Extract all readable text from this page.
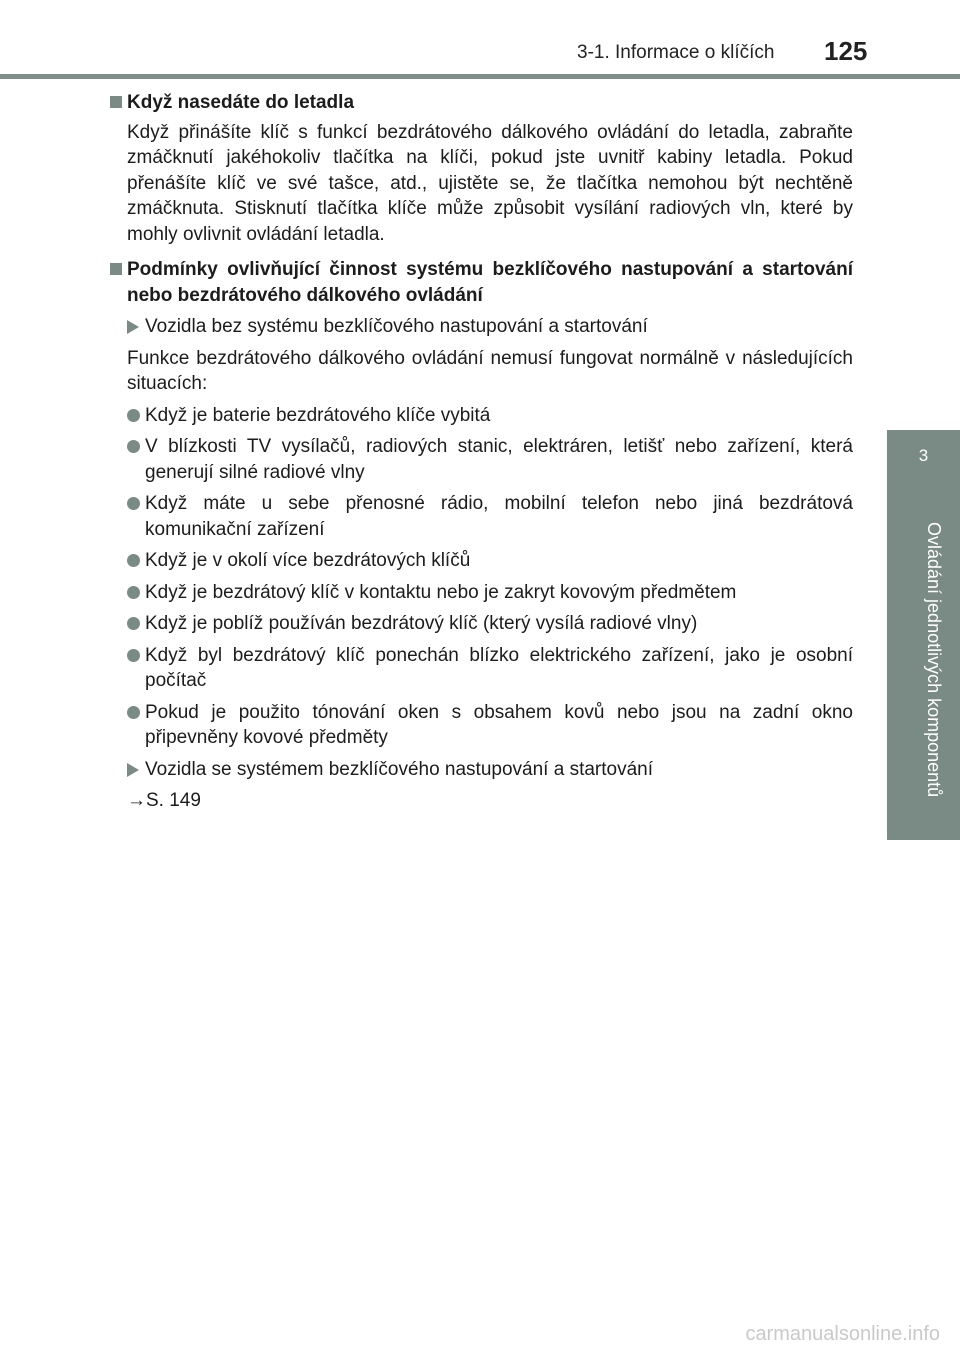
3-1. Informace o klíčích 125
3
Ovládání jednotlivých komponentů
Když nasedáte do letadla
Když přinášíte klíč s funkcí bezdrátového dálkového ovládání do letadla, zabraňte zmáčknutí jakéhokoliv tlačítka na klíči, pokud jste uvnitř kabiny letadla. Pokud přenášíte klíč ve své tašce, atd., ujistěte se, že tlačítka nemohou být nechtěně zmáčknuta. Stisknutí tlačítka klíče může způsobit vysílání radiových vln, které by mohly ovlivnit ovládání letadla.
Podmínky ovlivňující činnost systému bezklíčového nastupování a startování nebo bezdrátového dálkového ovládání
Vozidla bez systému bezklíčového nastupování a startování
Funkce bezdrátového dálkového ovládání nemusí fungovat normálně v následujících situacích:
Když je baterie bezdrátového klíče vybitá
V blízkosti TV vysílačů, radiových stanic, elektráren, letišť nebo zařízení, která generují silné radiové vlny
Když máte u sebe přenosné rádio, mobilní telefon nebo jiná bezdrátová komunikační zařízení
Když je v okolí více bezdrátových klíčů
Když je bezdrátový klíč v kontaktu nebo je zakryt kovovým předmětem
Když je poblíž používán bezdrátový klíč (který vysílá radiové vlny)
Když byl bezdrátový klíč ponechán blízko elektrického zařízení, jako je osobní počítač
Pokud je použito tónování oken s obsahem kovů nebo jsou na zadní okno připevněny kovové předměty
Vozidla se systémem bezklíčového nastupování a startování
→S. 149
carmanualsonline.info
